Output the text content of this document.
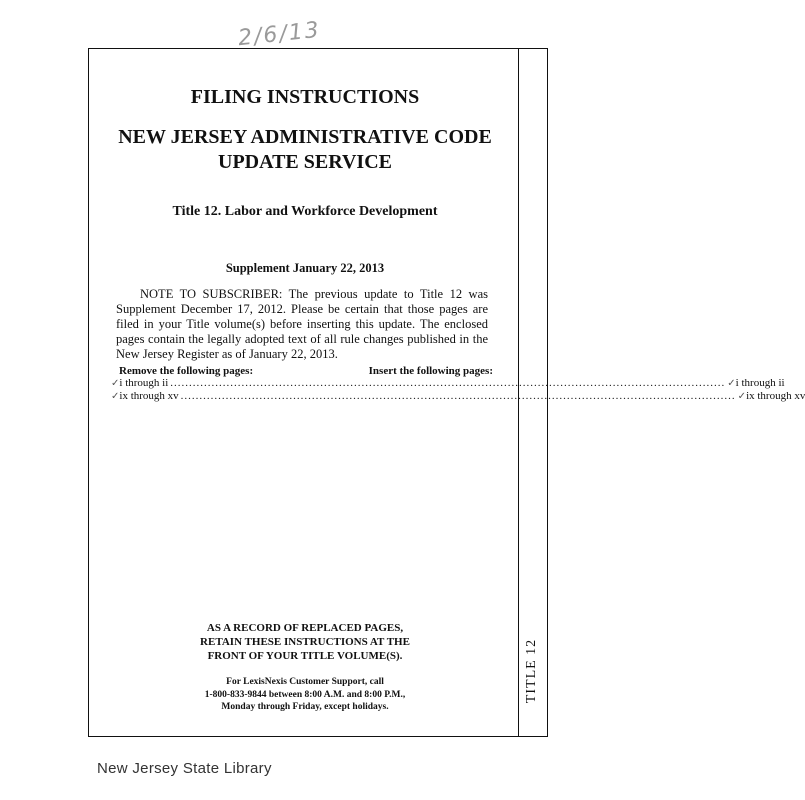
2/6/13
FILING INSTRUCTIONS
NEW JERSEY ADMINISTRATIVE CODE
UPDATE SERVICE
Title 12. Labor and Workforce Development
Supplement January 22, 2013
NOTE TO SUBSCRIBER: The previous update to Title 12 was Supplement December 17, 2012. Please be certain that those pages are filed in your Title volume(s) before inserting this update. The enclosed pages contain the legally adopted text of all rule changes published in the New Jersey Register as of January 22, 2013.
Remove the following pages:	Insert the following pages:
✓ i through ii .................................................................................................................................................... ✓ i through ii
✓ ix through xv .................................................................................................................................................... ✓ ix through xv
AS A RECORD OF REPLACED PAGES,
RETAIN THESE INSTRUCTIONS AT THE
FRONT OF YOUR TITLE VOLUME(S).
For LexisNexis Customer Support, call
1-800-833-9844 between 8:00 A.M. and 8:00 P.M.,
Monday through Friday, except holidays.
TITLE 12
New Jersey State Library
